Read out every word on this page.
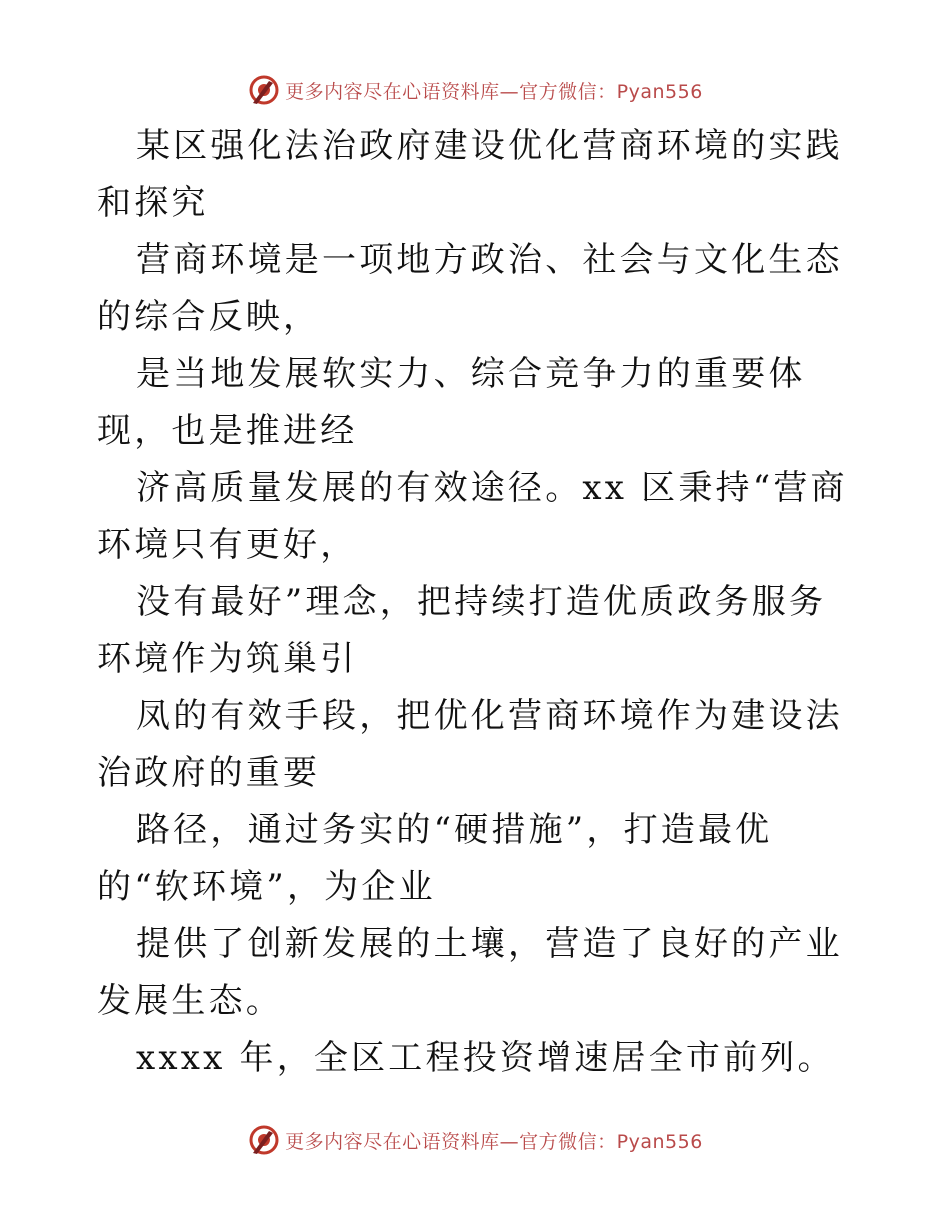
更多内容尽在心语资料库—官方微信：Pyan556

某区强化法治政府建设优化营商环境的实践和探究

营商环境是一项地方政治、社会与文化生态的综合反映，

是当地发展软实力、综合竞争力的重要体现，也是推进经

济高质量发展的有效途径。xx 区秉持“营商环境只有更好，

没有最好”理念，把持续打造优质政务服务环境作为筑巢引

凤的有效手段，把优化营商环境作为建设法治政府的重要

路径，通过务实的“硬措施”，打造最优的“软环境”，为企业

提供了创新发展的土壤，营造了良好的产业发展生态。

xxxx 年，全区工程投资增速居全市前列。

更多内容尽在心语资料库—官方微信：Pyan556
